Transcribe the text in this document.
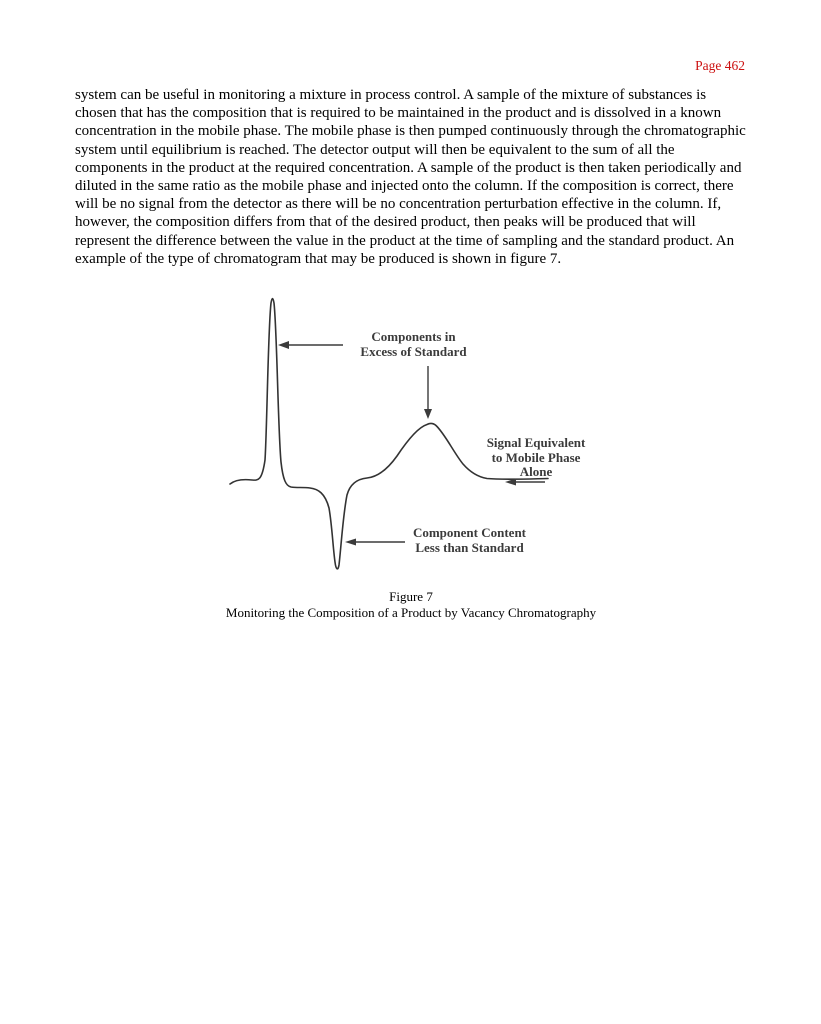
Page 462
system can be useful in monitoring a mixture in process control. A sample of the mixture of substances is chosen that has the composition that is required to be maintained in the product and is dissolved in a known concentration in the mobile phase. The mobile phase is then pumped continuously through the chromatographic system until equilibrium is reached. The detector output will then be equivalent to the sum of all the components in the product at the required concentration. A sample of the product is then taken periodically and diluted in the same ratio as the mobile phase and injected onto the column. If the composition is correct, there will be no signal from the detector as there will be no concentration perturbation effective in the column. If, however, the composition differs from that of the desired product, then peaks will be produced that will represent the difference between the value in the product at the time of sampling and the standard product. An example of the type of chromatogram that may be produced is shown in figure 7.
Components in
Excess of Standard
Signal Equivalent
to Mobile Phase
Alone
Component Content
Less than Standard
Figure 7
Monitoring the Composition of a Product by Vacancy Chromatography
